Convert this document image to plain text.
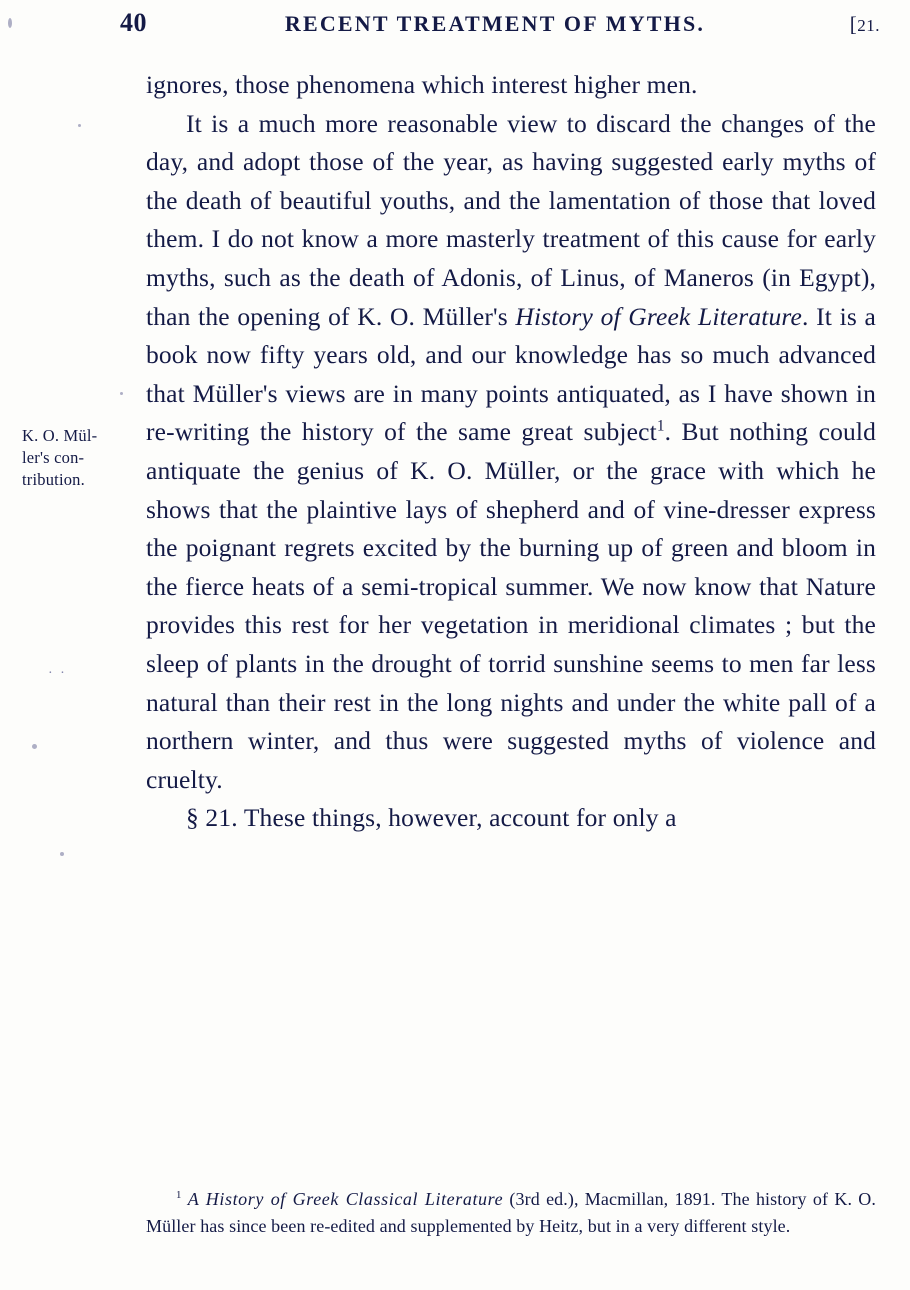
40	RECENT TREATMENT OF MYTHS.	[21.
K. O. Mül-
ler's con-
tribution.

ignores, those phenomena which interest higher men.

It is a much more reasonable view to discard the changes of the day, and adopt those of the year, as having suggested early myths of the death of beautiful youths, and the lamentation of those that loved them. I do not know a more masterly treatment of this cause for early myths, such as the death of Adonis, of Linus, of Maneros (in Egypt), than the opening of K. O. Müller's History of Greek Literature. It is a book now fifty years old, and our knowledge has so much advanced that Müller's views are in many points antiquated, as I have shown in re-writing the history of the same great subject$^1$. But nothing could antiquate the genius of K. O. Müller, or the grace with which he shows that the plaintive lays of shepherd and of vine-dresser express the poignant regrets excited by the burning up of green and bloom in the fierce heats of a semi-tropical summer. We now know that Nature provides this rest for her vegetation in meridional climates ; but the sleep of plants in the drought of torrid sunshine seems to men far less natural than their rest in the long nights and under the white pall of a northern winter, and thus were suggested myths of violence and cruelty.

§ 21. These things, however, account for only a

$^1$ A History of Greek Classical Literature (3rd ed.), Macmillan, 1891. The history of K. O. Müller has since been re-edited and supplemented by Heitz, but in a very different style.

· ·
